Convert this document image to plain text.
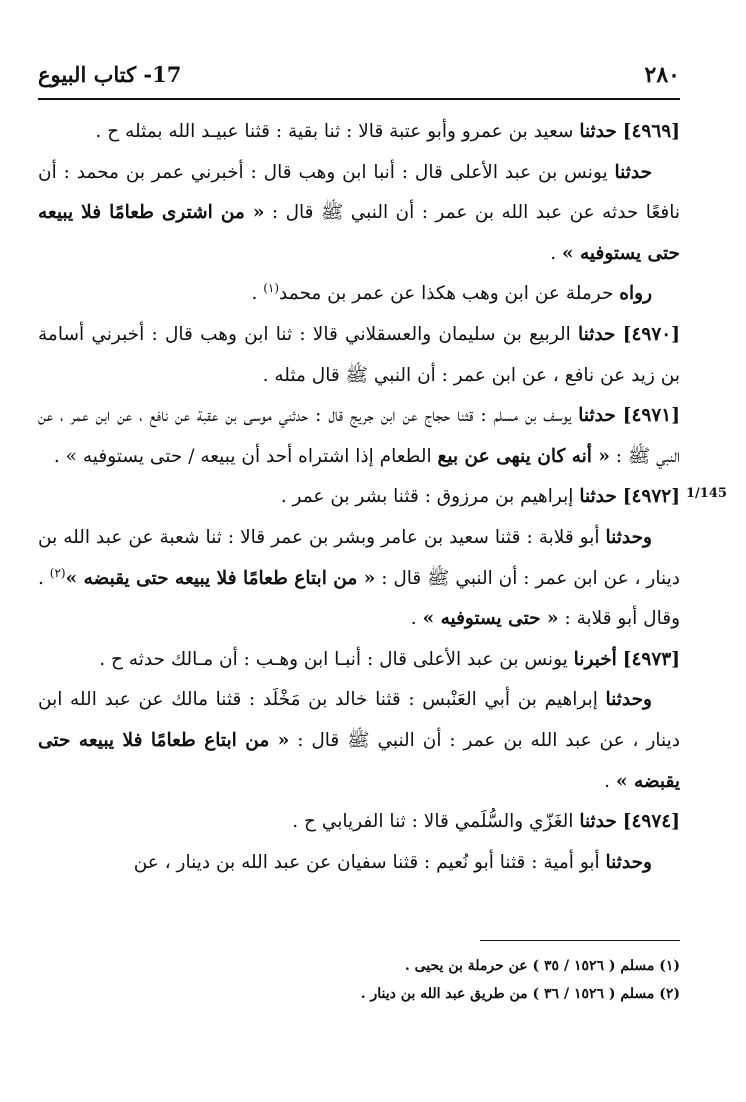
٢٨٠
17- كتاب البيوع
1/145

[٤٩٦٩] حدثنا سعيد بن عمرو وأبو عتبة قالا : ثنا بقية : قثنا عبيـد الله بمثله ح .

حدثنا يونس بن عبد الأعلى قال : أنبا ابن وهب قال : أخبرني عمر بن محمد : أن نافعًا حدثه عن عبد الله بن عمر : أن النبي ﷺ قال : « من اشترى طعامًا فلا يبيعه حتى يستوفيه » .

رواه حرملة عن ابن وهب هكذا عن عمر بن محمد$^{(١)}$ .

[٤٩٧٠] حدثنا الربيع بن سليمان والعسقلاني قالا : ثنا ابن وهب قال : أخبرني أسامة بن زيد عن نافع ، عن ابن عمر : أن النبي ﷺ قال مثله .

[٤٩٧١] حدثنا يوسف بن مسلم : قثنا حجاج عن ابن جريج قال : حدثني موسى بن عقبة عن نافع ، عن ابن عمر ، عن النبي ﷺ : « أنه كان ينهى عن بيع الطعام إذا اشتراه أحد أن يبيعه / حتى يستوفيه » .

[٤٩٧٢] حدثنا إبراهيم بن مرزوق : قثنا بشر بن عمر .

وحدثنا أبو قلابة : قثنا سعيد بن عامر وبشر بن عمر قالا : ثنا شعبة عن عبد الله بن دينار ، عن ابن عمر : أن النبي ﷺ قال : « من ابتاع طعامًا فلا يبيعه حتى يقبضه »$^{(٢)}$ . وقال أبو قلابة : « حتى يستوفيه » .

[٤٩٧٣] أخبرنا يونس بن عبد الأعلى قال : أنبـا ابن وهـب : أن مـالك حدثه ح .

وحدثنا إبراهيم بن أبي العَنْبس : قثنا خالد بن مَخْلَد : قثنا مالك عن عبد الله ابن دينار ، عن عبد الله بن عمر : أن النبي ﷺ قال : « من ابتاع طعامًا فلا يبيعه حتى يقبضه » .

[٤٩٧٤] حدثنا الغَزّي والسُّلَمي قالا : ثنا الفريابي ح .

وحدثنا أبو أمية : قثنا أبو نُعيم : قثنا سفيان عن عبد الله بن دينار ، عن

(١) مسلم ( ١٥٢٦ / ٣٥ ) عن حرملة بن يحيى .

(٢) مسلم ( ١٥٢٦ / ٣٦ ) من طريق عبد الله بن دينار .
